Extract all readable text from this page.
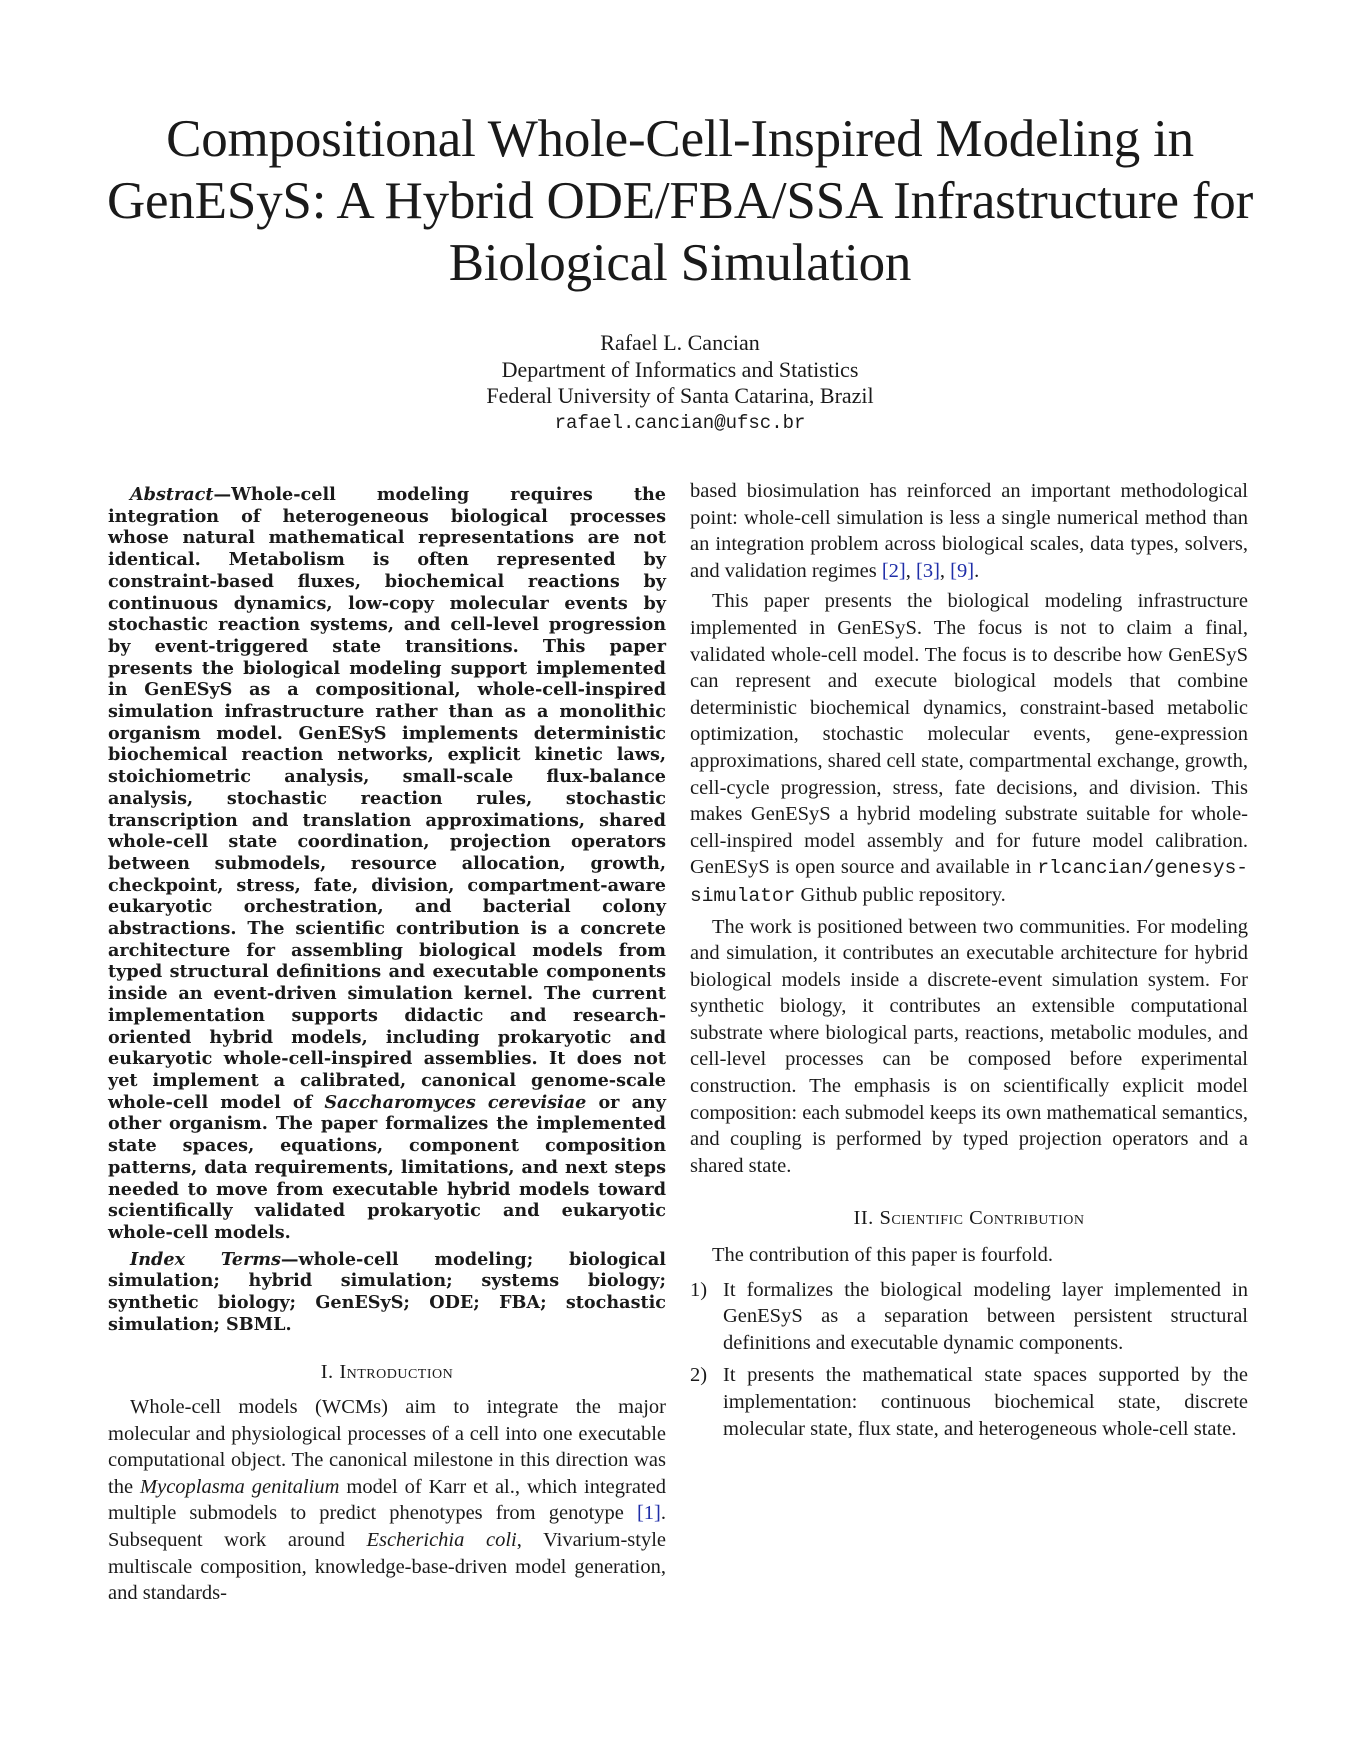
Compositional Whole-Cell-Inspired Modeling in GenESyS: A Hybrid ODE/FBA/SSA Infrastructure for Biological Simulation
Rafael L. Cancian
Department of Informatics and Statistics
Federal University of Santa Catarina, Brazil
rafael.cancian@ufsc.br

Abstract—Whole-cell modeling requires the integration of heterogeneous biological processes whose natural mathematical representations are not identical. Metabolism is often represented by constraint-based fluxes, biochemical reactions by continuous dynamics, low-copy molecular events by stochastic reaction systems, and cell-level progression by event-triggered state transitions. This paper presents the biological modeling support implemented in GenESyS as a compositional, whole-cell-inspired simulation infrastructure rather than as a monolithic organism model. GenESyS implements deterministic biochemical reaction networks, explicit kinetic laws, stoichiometric analysis, small-scale flux-balance analysis, stochastic reaction rules, stochastic transcription and translation approximations, shared whole-cell state coordination, projection operators between submodels, resource allocation, growth, checkpoint, stress, fate, division, compartment-aware eukaryotic orchestration, and bacterial colony abstractions. The scientific contribution is a concrete architecture for assembling biological models from typed structural definitions and executable components inside an event-driven simulation kernel. The current implementation supports didactic and research-oriented hybrid models, including prokaryotic and eukaryotic whole-cell-inspired assemblies. It does not yet implement a calibrated, canonical genome-scale whole-cell model of Saccharomyces cerevisiae or any other organism. The paper formalizes the implemented state spaces, equations, component composition patterns, data requirements, limitations, and next steps needed to move from executable hybrid models toward scientifically validated prokaryotic and eukaryotic whole-cell models.

Index Terms—whole-cell modeling; biological simulation; hybrid simulation; systems biology; synthetic biology; GenESyS; ODE; FBA; stochastic simulation; SBML.

I. Introduction

Whole-cell models (WCMs) aim to integrate the major molecular and physiological processes of a cell into one executable computational object. The canonical milestone in this direction was the Mycoplasma genitalium model of Karr et al., which integrated multiple submodels to predict phenotypes from genotype [1]. Subsequent work around Escherichia coli, Vivarium-style multiscale composition, knowledge-base-driven model generation, and standards-

based biosimulation has reinforced an important methodological point: whole-cell simulation is less a single numerical method than an integration problem across biological scales, data types, solvers, and validation regimes [2], [3], [9].

This paper presents the biological modeling infrastructure implemented in GenESyS. The focus is not to claim a final, validated whole-cell model. The focus is to describe how GenESyS can represent and execute biological models that combine deterministic biochemical dynamics, constraint-based metabolic optimization, stochastic molecular events, gene-expression approximations, shared cell state, compartmental exchange, growth, cell-cycle progression, stress, fate decisions, and division. This makes GenESyS a hybrid modeling substrate suitable for whole-cell-inspired model assembly and for future model calibration. GenESyS is open source and available in rlcancian/genesys-simulator Github public repository.

The work is positioned between two communities. For modeling and simulation, it contributes an executable architecture for hybrid biological models inside a discrete-event simulation system. For synthetic biology, it contributes an extensible computational substrate where biological parts, reactions, metabolic modules, and cell-level processes can be composed before experimental construction. The emphasis is on scientifically explicit model composition: each submodel keeps its own mathematical semantics, and coupling is performed by typed projection operators and a shared state.

II. Scientific Contribution

The contribution of this paper is fourfold.

1) It formalizes the biological modeling layer implemented in GenESyS as a separation between persistent structural definitions and executable dynamic components.
2) It presents the mathematical state spaces supported by the implementation: continuous biochemical state, discrete molecular state, flux state, and heterogeneous whole-cell state.
